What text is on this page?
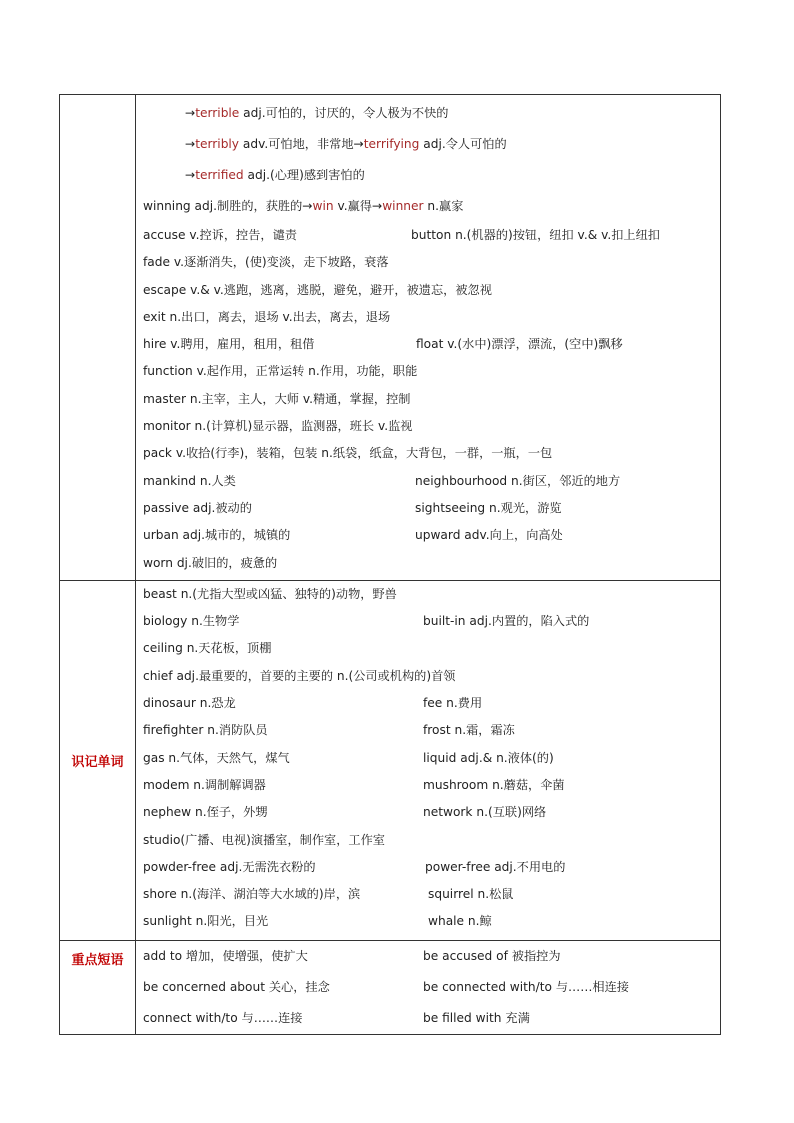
→terrible adj.可怕的，讨厌的，令人极为不快的
→terribly adv.可怕地，非常地→terrifying adj.令人可怕的
→terrified adj.(心理)感到害怕的
winning adj.制胜的，获胜的→win v.赢得→winner n.赢家
accuse v.控诉，控告，谴责	button n.(机器的)按钮，纽扣 v.& v.扣上纽扣
fade v.逐渐消失，(使)变淡，走下坡路，衰落
escape v.& v.逃跑，逃离，逃脱，避免，避开，被遗忘，被忽视
exit n.出口，离去，退场 v.出去，离去，退场
hire v.聘用，雇用，租用，租借	float v.(水中)漂浮，漂流，(空中)飘移
function v.起作用，正常运转 n.作用，功能，职能
master n.主宰，主人，大师 v.精通，掌握，控制
monitor n.(计算机)显示器，监测器，班长 v.监视
pack v.收拾(行李)，装箱，包装 n.纸袋，纸盒，大背包，一群，一瓶，一包
mankind n.人类	neighbourhood n.街区，邻近的地方
passive adj.被动的	sightseeing n.观光，游览
urban adj.城市的，城镇的	upward adv.向上，向高处
worn dj.破旧的，疲惫的
识记单词
beast n.(尤指大型或凶猛、独特的)动物，野兽
biology n.生物学	built-in adj.内置的，陷入式的
ceiling n.天花板，顶棚
chief adj.最重要的，首要的主要的 n.(公司或机构的)首领
dinosaur n.恐龙	fee n.费用
firefighter n.消防队员	frost n.霜，霜冻
gas n.气体，天然气，煤气	liquid adj.& n.液体(的)
modem n.调制解调器	mushroom n.蘑菇，伞菌
nephew n.侄子，外甥	network n.(互联)网络
studio(广播、电视)演播室，制作室，工作室
powder-free adj.无需洗衣粉的	power-free adj.不用电的
shore n.(海洋、湖泊等大水域的)岸，滨	squirrel n.松鼠
sunlight n.阳光，目光	whale n.鲸
重点短语	add to 增加，使增强，使扩大	be accused of 被指控为
be concerned about 关心，挂念	be connected with/to 与……相连接
connect with/to 与……连接	be filled with 充满
